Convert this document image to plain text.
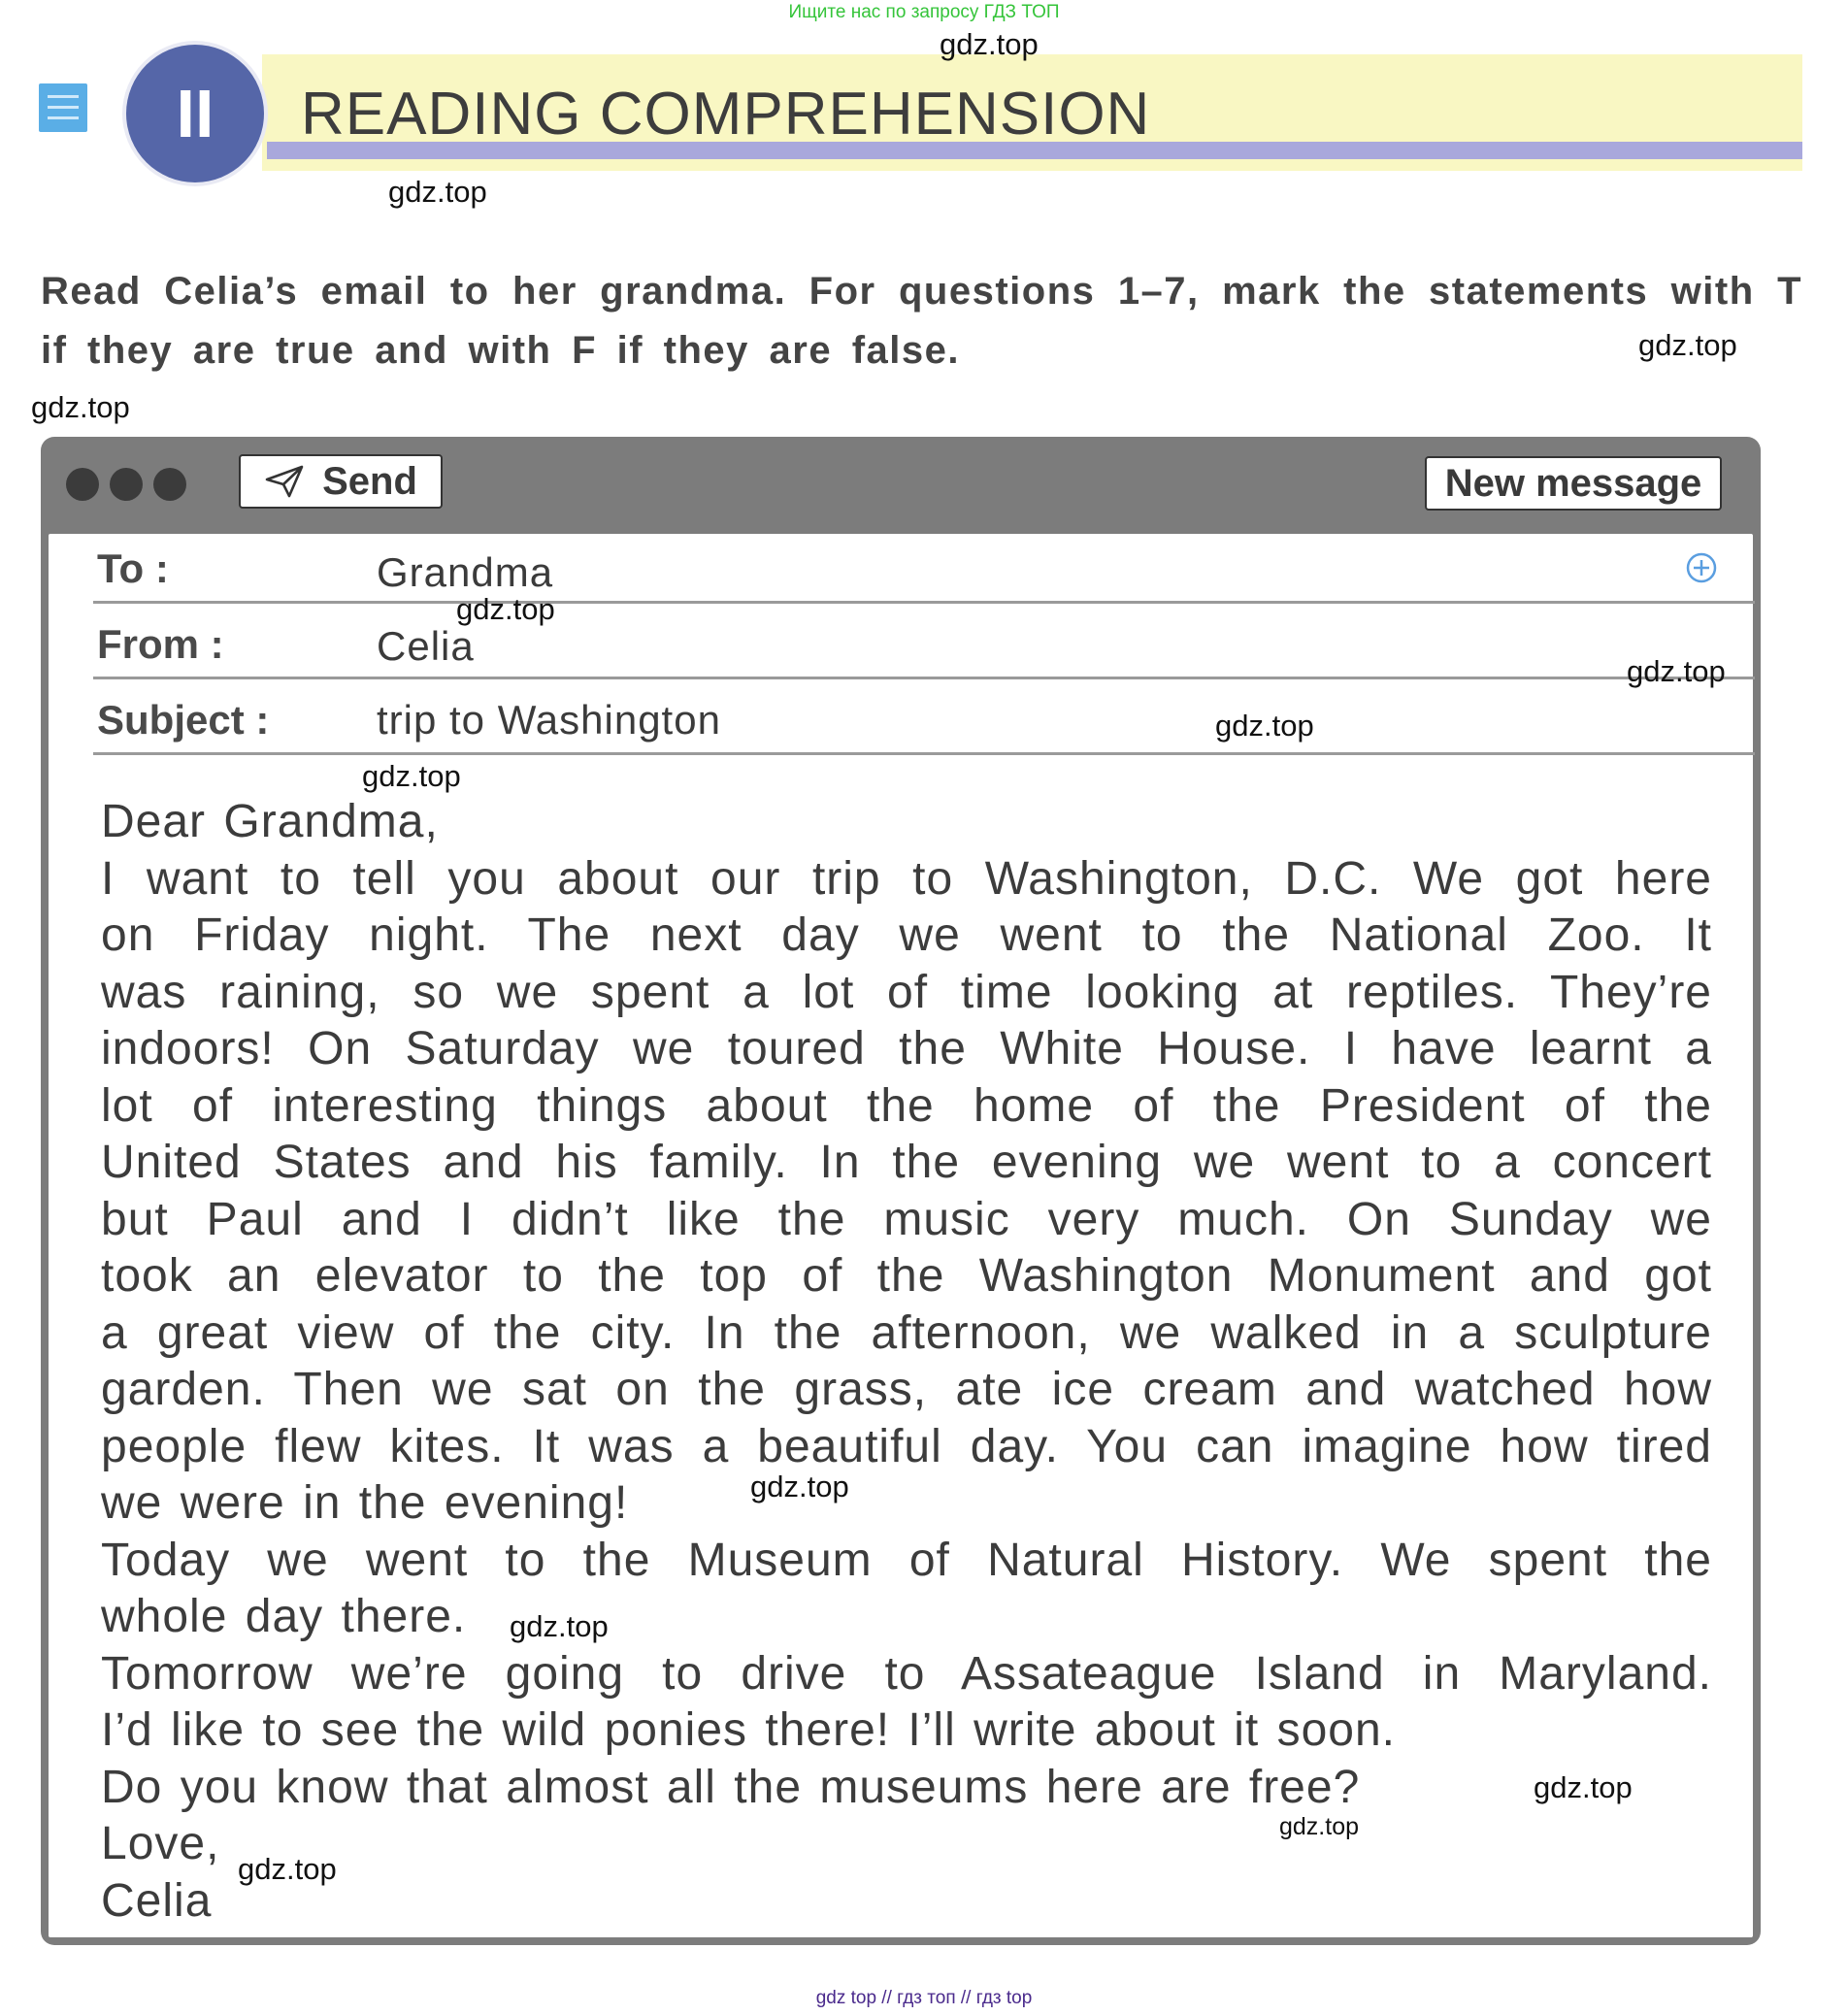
Ищите нас по запросу ГДЗ ТОП
II	READING COMPREHENSION
Read Celia’s email to her grandma. For questions 1–7, mark the statements with T if they are true and with F if they are false.
Send	New message
To :	Grandma
From :	Celia
Subject :	trip to Washington

Dear Grandma,

I want to tell you about our trip to Washington, D.C. We got here

on Friday night. The next day we went to the National Zoo. It

was raining, so we spent a lot of time looking at reptiles. They’re

indoors! On Saturday we toured the White House. I have learnt a

lot of interesting things about the home of the President of the

United States and his family. In the evening we went to a concert

but Paul and I didn’t like the music very much. On Sunday we

took an elevator to the top of the Washington Monument and got

a great view of the city. In the afternoon, we walked in a sculpture

garden. Then we sat on the grass, ate ice cream and watched how

people flew kites. It was a beautiful day. You can imagine how tired

we were in the evening!

Today we went to the Museum of Natural History. We spent the

whole day there.

Tomorrow we’re going to drive to Assateague Island in Maryland.

I’d like to see the wild ponies there! I’ll write about it soon.

Do you know that almost all the museums here are free?

Love,

Celia

gdz.top
gdz.top
gdz.top
gdz.top
gdz.top
gdz.top
gdz.top
gdz.top
gdz.top
gdz.top
gdz.top
gdz.top
gdz.top
gdz top // гдз топ // гдз top
